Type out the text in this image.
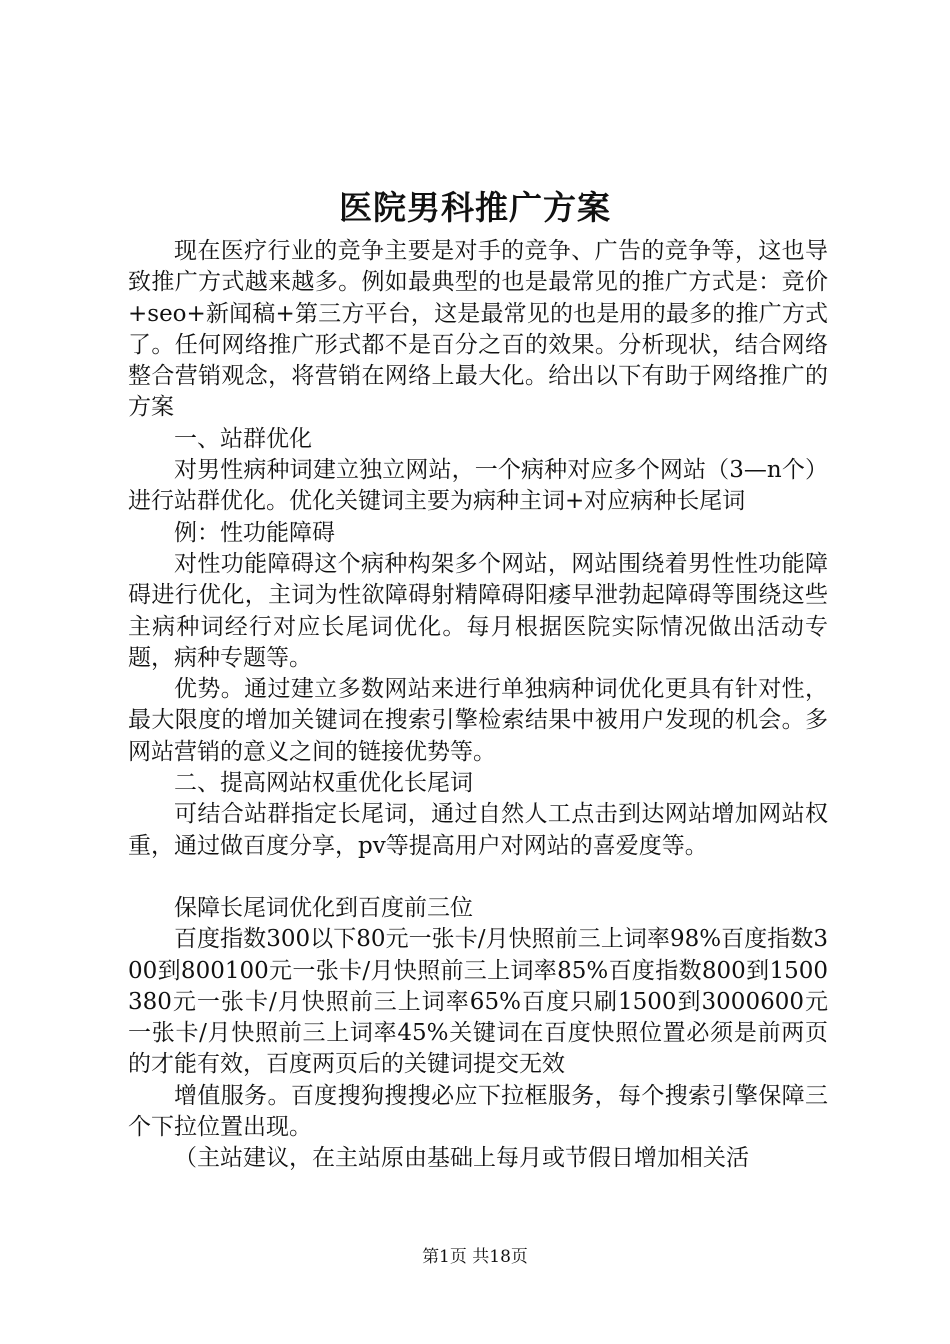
医院男科推广方案

现在医疗行业的竞争主要是对手的竞争、广告的竞争等，这也导致推广方式越来越多。例如最典型的也是最常见的推广方式是：竞价+seo+新闻稿+第三方平台，这是最常见的也是用的最多的推广方式了。任何网络推广形式都不是百分之百的效果。分析现状，结合网络整合营销观念，将营销在网络上最大化。给出以下有助于网络推广的方案

一、站群优化

对男性病种词建立独立网站，一个病种对应多个网站（3—n个）进行站群优化。优化关键词主要为病种主词+对应病种长尾词

例：性功能障碍

对性功能障碍这个病种构架多个网站，网站围绕着男性性功能障碍进行优化，主词为性欲障碍射精障碍阳痿早泄勃起障碍等围绕这些主病种词经行对应长尾词优化。每月根据医院实际情况做出活动专题，病种专题等。

优势。通过建立多数网站来进行单独病种词优化更具有针对性，最大限度的增加关键词在搜索引擎检索结果中被用户发现的机会。多网站营销的意义之间的链接优势等。

二、提高网站权重优化长尾词

可结合站群指定长尾词，通过自然人工点击到达网站增加网站权重，通过做百度分享，pv等提高用户对网站的喜爱度等。

保障长尾词优化到百度前三位

百度指数300以下80元一张卡/月快照前三上词率98%百度指数300到800100元一张卡/月快照前三上词率85%百度指数800到1500380元一张卡/月快照前三上词率65%百度只刷1500到3000600元一张卡/月快照前三上词率45%关键词在百度快照位置必须是前两页的才能有效，百度两页后的关键词提交无效

增值服务。百度搜狗搜搜必应下拉框服务，每个搜索引擎保障三个下拉位置出现。

（主站建议，在主站原由基础上每月或节假日增加相关活

第1页 共18页
